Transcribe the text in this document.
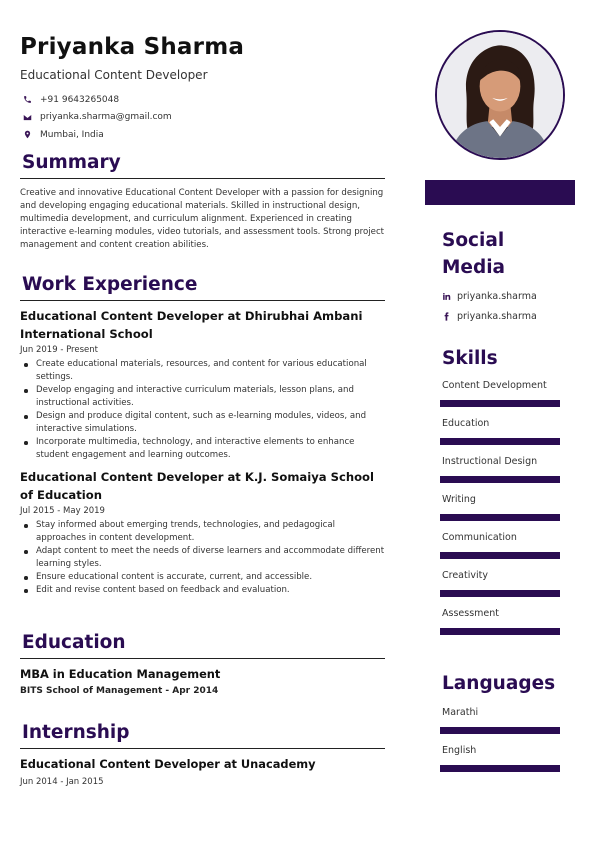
Priyanka Sharma
Educational Content Developer
+91 9643265048
priyanka.sharma@gmail.com
Mumbai, India
Summary

Creative and innovative Educational Content Developer with a passion for designing and developing engaging educational materials. Skilled in instructional design, multimedia development, and curriculum alignment. Experienced in creating interactive e-learning modules, video tutorials, and assessment tools. Strong project management and content creation abilities.

Work Experience
Educational Content Developer at Dhirubhai Ambani International School
Jun 2019 - Present
Create educational materials, resources, and content for various educational settings.
Develop engaging and interactive curriculum materials, lesson plans, and instructional activities.
Design and produce digital content, such as e-learning modules, videos, and interactive simulations.
Incorporate multimedia, technology, and interactive elements to enhance student engagement and learning outcomes.
Educational Content Developer at K.J. Somaiya School of Education
Jul 2015 - May 2019
Stay informed about emerging trends, technologies, and pedagogical approaches in content development.
Adapt content to meet the needs of diverse learners and accommodate different learning styles.
Ensure educational content is accurate, current, and accessible.
Edit and revise content based on feedback and evaluation.
Education
MBA in Education Management
BITS School of Management - Apr 2014
Internship
Educational Content Developer at Unacademy
Jun 2014 - Jan 2015
Social Media
priyanka.sharma
priyanka.sharma
Skills
Content Development
Education
Instructional Design
Writing
Communication
Creativity
Assessment
Languages
Marathi
English
